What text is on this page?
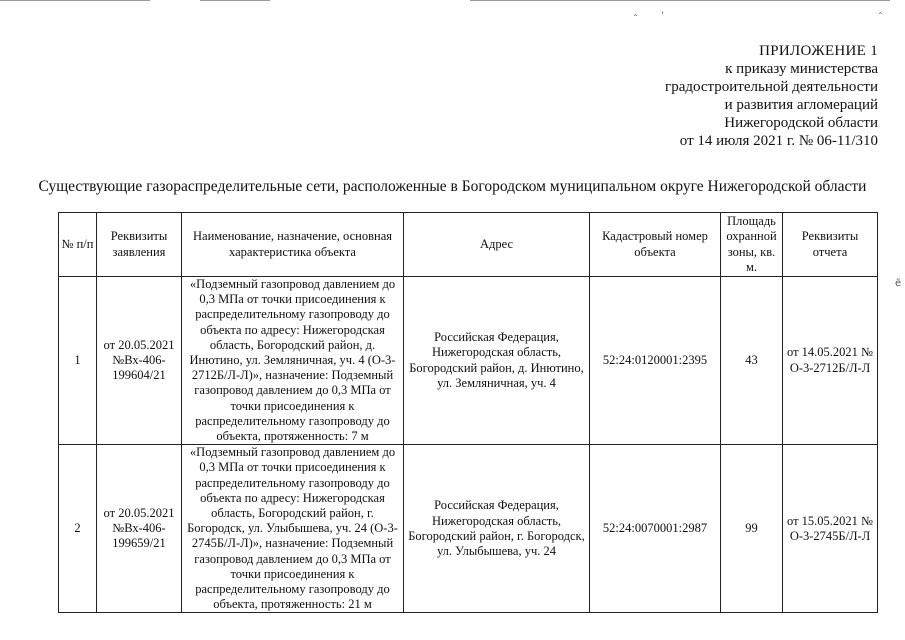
ˆ ˈ	ˆ
ẽ
ПРИЛОЖЕНИЕ 1
к приказу министерства
градостроительной деятельности
и развития агломераций
Нижегородской области
от 14 июля 2021 г. № 06-11/310
Существующие газораспределительные сети, расположенные в Богородском муниципальном округе Нижегородской области
№ п/п	Реквизиты заявления	Наименование, назначение, основная характеристика объекта	Адрес	Кадастровый номер объекта	Площадь охранной зоны, кв. м.	Реквизиты отчета
1	от 20.05.2021 №Вх-406-199604/21	«Подземный газопровод давлением до 0,3 МПа от точки присоединения к распределительному газопроводу до объекта по адресу: Нижегородская область, Богородский район, д. Инютино, ул. Земляничная, уч. 4 (О-3-2712Б/Л-Л)», назначение: Подземный газопровод давлением до 0,3 МПа от точки присоединения к распределительному газопроводу до объекта, протяженность: 7 м	Российская Федерация, Нижегородская область, Богородский район, д. Инютино, ул. Земляничная, уч. 4	52:24:0120001:2395	43	от 14.05.2021 № О-3-2712Б/Л-Л
2	от 20.05.2021 №Вх-406-199659/21	«Подземный газопровод давлением до 0,3 МПа от точки присоединения к распределительному газопроводу до объекта по адресу: Нижегородская область, Богородский район, г. Богородск, ул. Улыбышева, уч. 24 (О-3-2745Б/Л-Л)», назначение: Подземный газопровод давлением до 0,3 МПа от точки присоединения к распределительному газопроводу до объекта, протяженность: 21 м	Российская Федерация, Нижегородская область, Богородский район, г. Богородск, ул. Улыбышева, уч. 24	52:24:0070001:2987	99	от 15.05.2021 № О-3-2745Б/Л-Л
